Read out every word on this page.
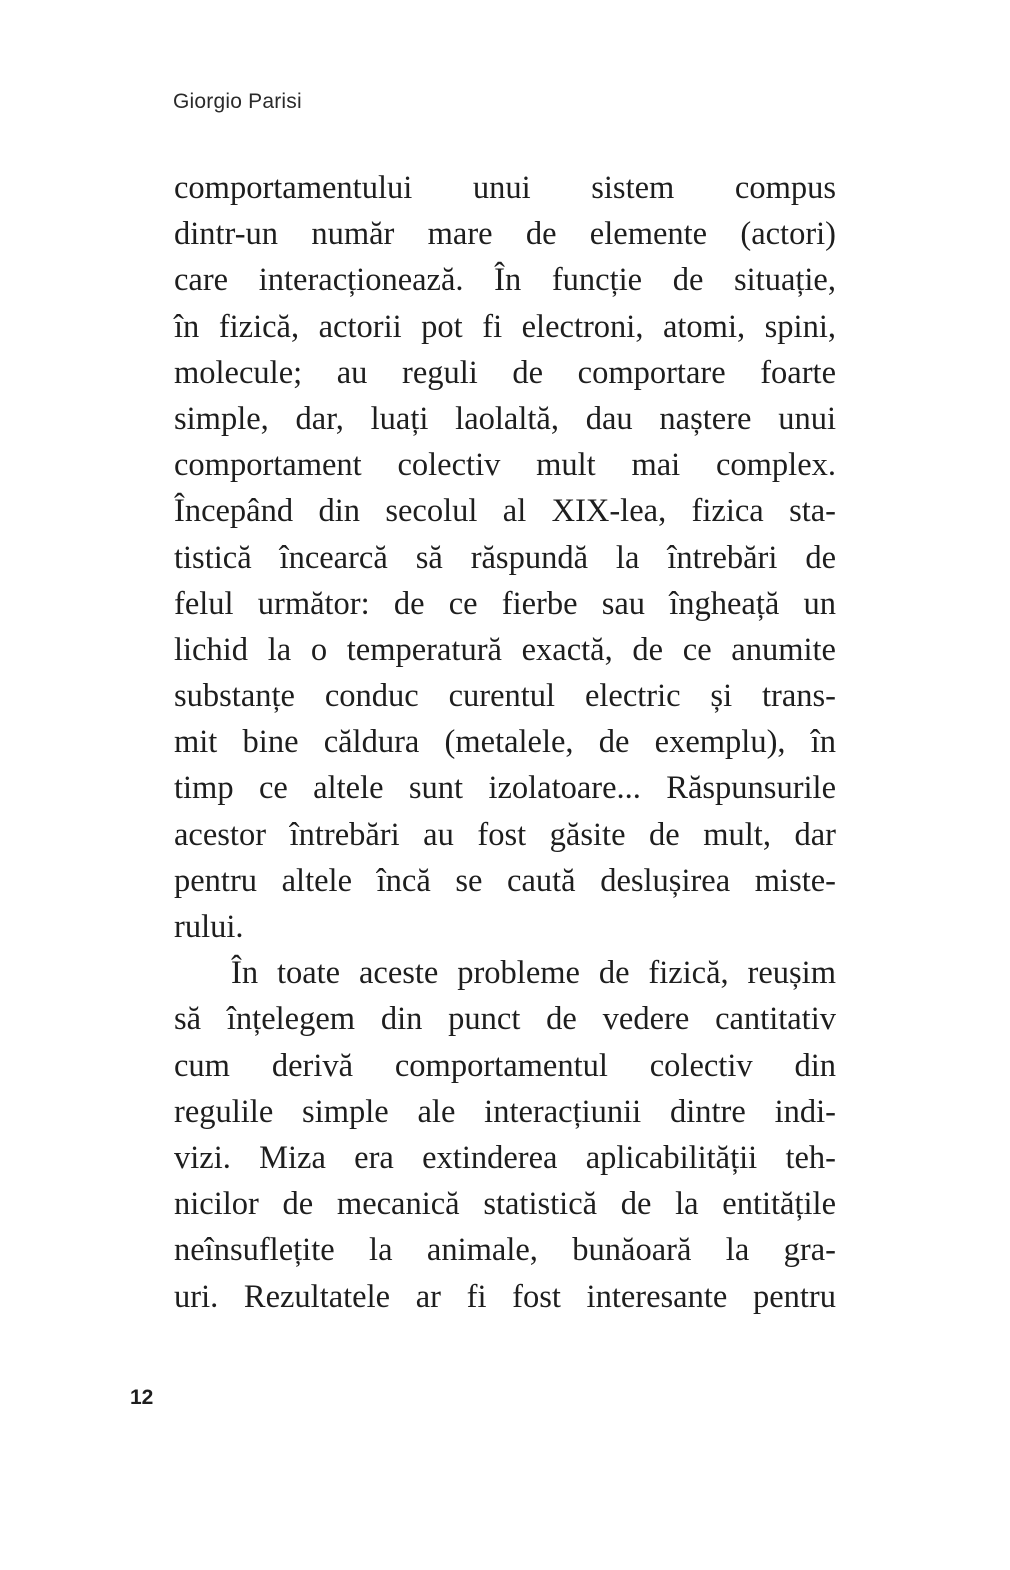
Giorgio Parisi
comportamentului unui sistem compus
dintr-un număr mare de elemente (actori)
care interacționează. În funcție de situație,
în fizică, actorii pot fi electroni, atomi, spini,
molecule; au reguli de comportare foarte
simple, dar, luați laolaltă, dau naștere unui
comportament colectiv mult mai complex.
Începând din secolul al XIX-lea, fizica sta-
tistică încearcă să răspundă la întrebări de
felul următor: de ce fierbe sau îngheață un
lichid la o temperatură exactă, de ce anumite
substanțe conduc curentul electric și trans-
mit bine căldura (metalele, de exemplu), în
timp ce altele sunt izolatoare... Răspunsurile
acestor întrebări au fost găsite de mult, dar
pentru altele încă se caută deslușirea miste-
rului.
În toate aceste probleme de fizică, reușim
să înțelegem din punct de vedere cantitativ
cum derivă comportamentul colectiv din
regulile simple ale interacțiunii dintre indi-
vizi. Miza era extinderea aplicabilității teh-
nicilor de mecanică statistică de la entitățile
neînsuflețite la animale, bunăoară la gra-
uri. Rezultatele ar fi fost interesante pentru
12
